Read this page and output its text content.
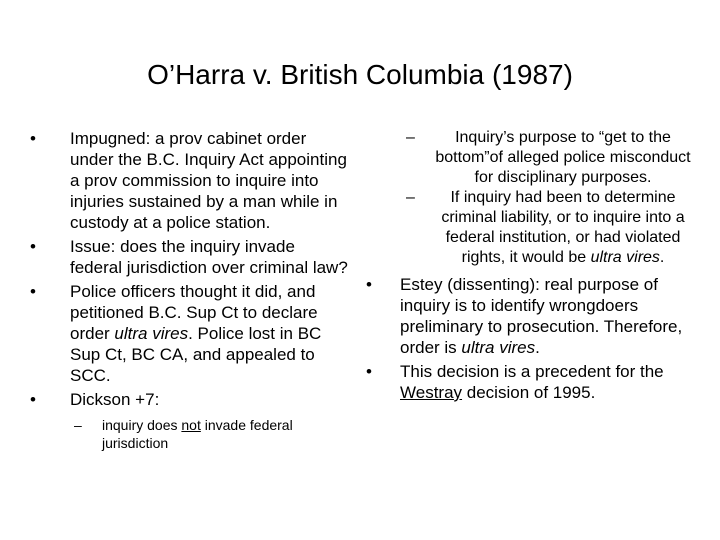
O’Harra v. British Columbia (1987)
•	Impugned: a prov cabinet order under the B.C. Inquiry Act appointing a prov commission to inquire into injuries sustained by a man while in custody at a police station.
•	Issue: does the inquiry invade federal jurisdiction over criminal law?
•	Police officers thought it did, and petitioned B.C. Sup Ct to declare order ultra vires. Police lost in BC Sup Ct, BC CA, and appealed to SCC.
•	Dickson +7:
– inquiry does not invade federal jurisdiction
–	Inquiry’s purpose to “get to the bottom”of alleged police misconduct for disciplinary purposes.
– If inquiry had been to determine criminal liability, or to inquire into a federal institution, or had violated rights, it would be ultra vires.
•	Estey (dissenting): real purpose of inquiry is to identify wrongdoers preliminary to prosecution. Therefore, order is ultra vires.
•	This decision is a precedent for the Westray decision of 1995.
